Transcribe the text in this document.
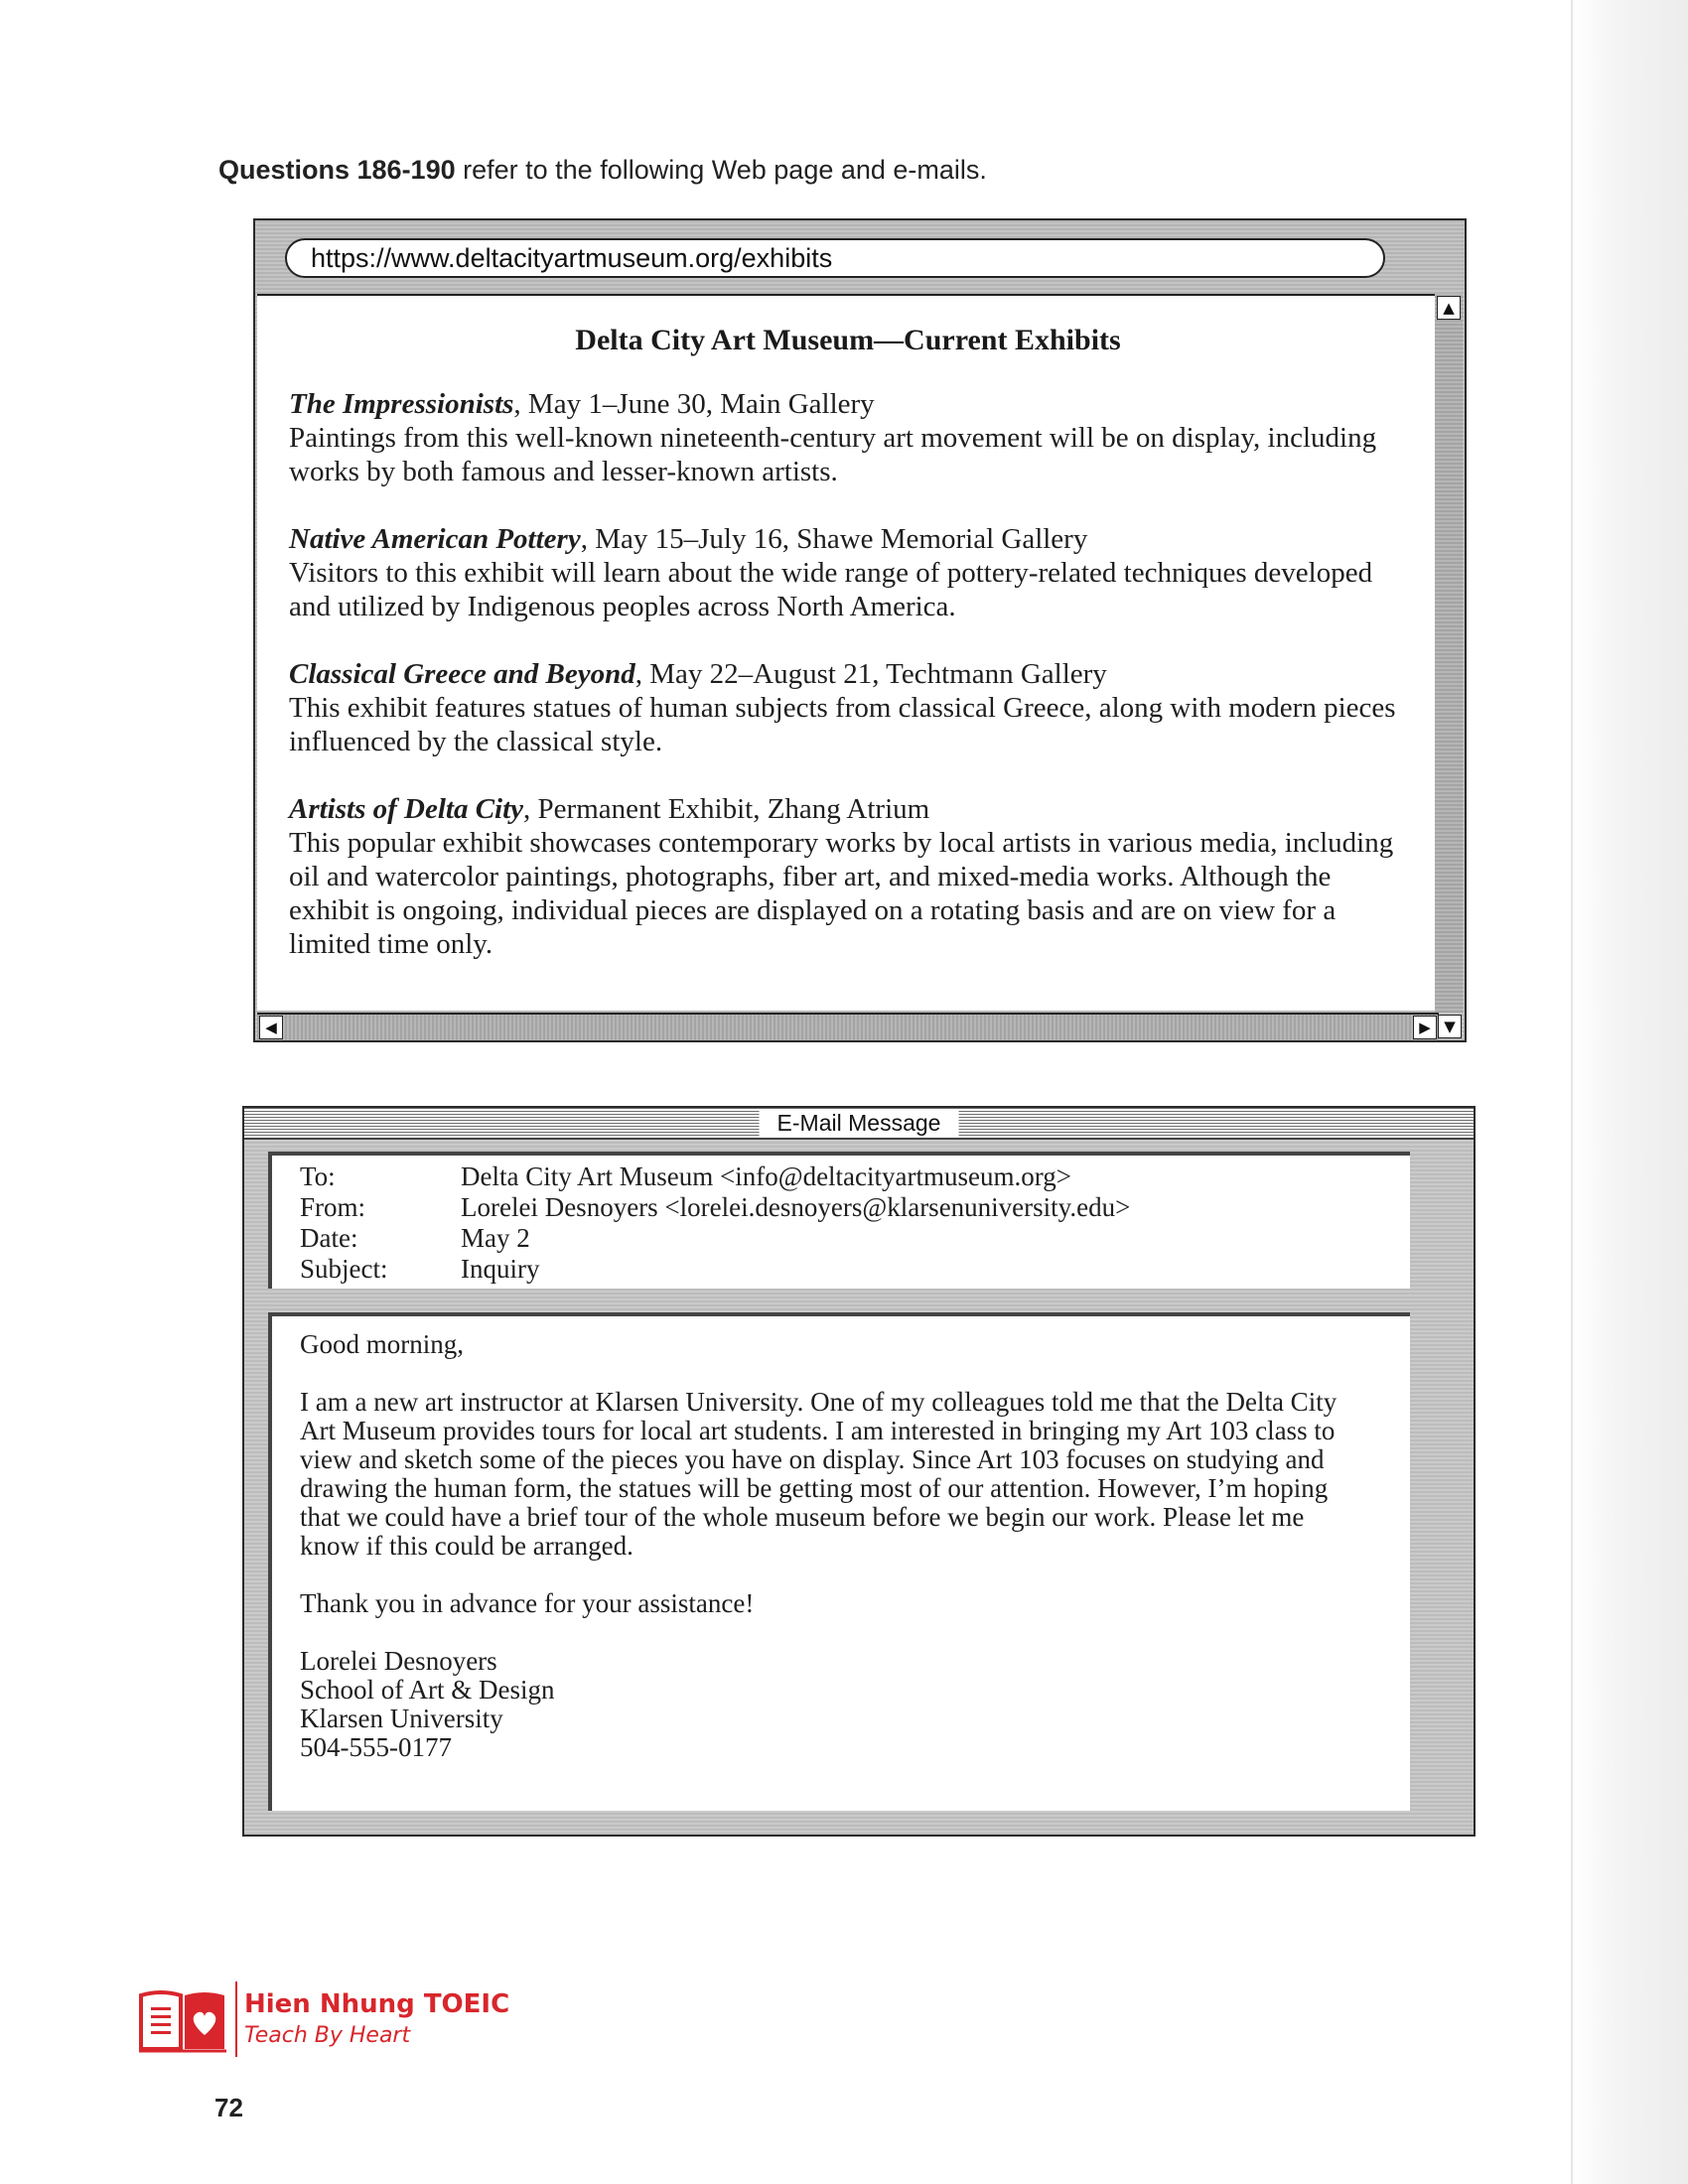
Questions 186-190 refer to the following Web page and e-mails.
https://www.deltacityartmuseum.org/exhibits
Delta City Art Museum—Current Exhibits

The Impressionists, May 1–June 30, Main Gallery

Paintings from this well-known nineteenth-century art movement will be on display, including works by both famous and lesser-known artists.

Native American Pottery, May 15–July 16, Shawe Memorial Gallery

Visitors to this exhibit will learn about the wide range of pottery-related techniques developed and utilized by Indigenous peoples across North America.

Classical Greece and Beyond, May 22–August 21, Techtmann Gallery

This exhibit features statues of human subjects from classical Greece, along with modern pieces influenced by the classical style.

Artists of Delta City, Permanent Exhibit, Zhang Atrium

This popular exhibit showcases contemporary works by local artists in various media, including oil and watercolor paintings, photographs, fiber art, and mixed-media works. Although the exhibit is ongoing, individual pieces are displayed on a rotating basis and are on view for a limited time only.

▲
◀	▶ ▼
E-Mail Message
To:	Delta City Art Museum <info@deltacityartmuseum.org>
From:	Lorelei Desnoyers <lorelei.desnoyers@klarsenuniversity.edu>
Date:	May 2
Subject:	Inquiry

Good morning,

I am a new art instructor at Klarsen University. One of my colleagues told me that the Delta City Art Museum provides tours for local art students. I am interested in bringing my Art 103 class to view and sketch some of the pieces you have on display. Since Art 103 focuses on studying and drawing the human form, the statues will be getting most of our attention. However, I’m hoping that we could have a brief tour of the whole museum before we begin our work. Please let me know if this could be arranged.

Thank you in advance for your assistance!

Lorelei Desnoyers

School of Art & Design

Klarsen University

504-555-0177

Hien Nhung TOEIC
Teach By Heart
72
